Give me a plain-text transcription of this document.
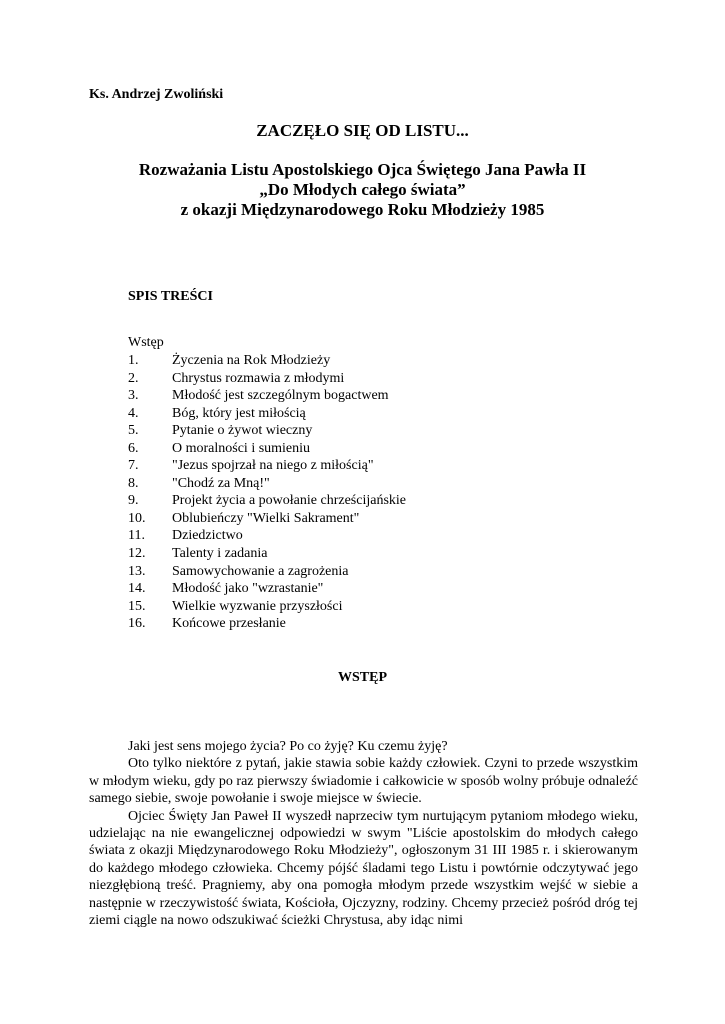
Ks. Andrzej Zwoliński
ZACZĘŁO SIĘ OD LISTU...
Rozważania Listu Apostolskiego Ojca Świętego Jana Pawła II
„Do Młodych całego świata”
z okazji Międzynarodowego Roku Młodzieży 1985
SPIS TREŚCI
Wstęp
1.	Życzenia na Rok Młodzieży
2.	Chrystus rozmawia z młodymi
3.	Młodość jest szczególnym bogactwem
4.	Bóg, który jest miłością
5.	Pytanie o żywot wieczny
6.	O moralności i sumieniu
7.	"Jezus spojrzał na niego z miłością"
8.	"Chodź za Mną!"
9.	Projekt życia a powołanie chrześcijańskie
10.	Oblubieńczy "Wielki Sakrament"
11.	Dziedzictwo
12.	Talenty i zadania
13.	Samowychowanie a zagrożenia
14.	Młodość jako "wzrastanie"
15.	Wielkie wyzwanie przyszłości
16.	Końcowe przesłanie
WSTĘP

Jaki jest sens mojego życia? Po co żyję? Ku czemu żyję?

Oto tylko niektóre z pytań, jakie stawia sobie każdy człowiek. Czyni to przede wszystkim w młodym wieku, gdy po raz pierwszy świadomie i całkowicie w sposób wolny próbuje odnaleźć samego siebie, swoje powołanie i swoje miejsce w świecie.

Ojciec Święty Jan Paweł II wyszedł naprzeciw tym nurtującym pytaniom młodego wieku, udzielając na nie ewangelicznej odpowiedzi w swym "Liście apostolskim do młodych całego świata z okazji Międzynarodowego Roku Młodzieży", ogłoszonym 31 III 1985 r. i skierowanym do każdego młodego człowieka. Chcemy pójść śladami tego Listu i powtórnie odczytywać jego niezgłębioną treść. Pragniemy, aby ona pomogła młodym przede wszystkim wejść w siebie a następnie w rzeczywistość świata, Kościoła, Ojczyzny, rodziny. Chcemy przecież pośród dróg tej ziemi ciągle na nowo odszukiwać ścieżki Chrystusa, aby idąc nimi
